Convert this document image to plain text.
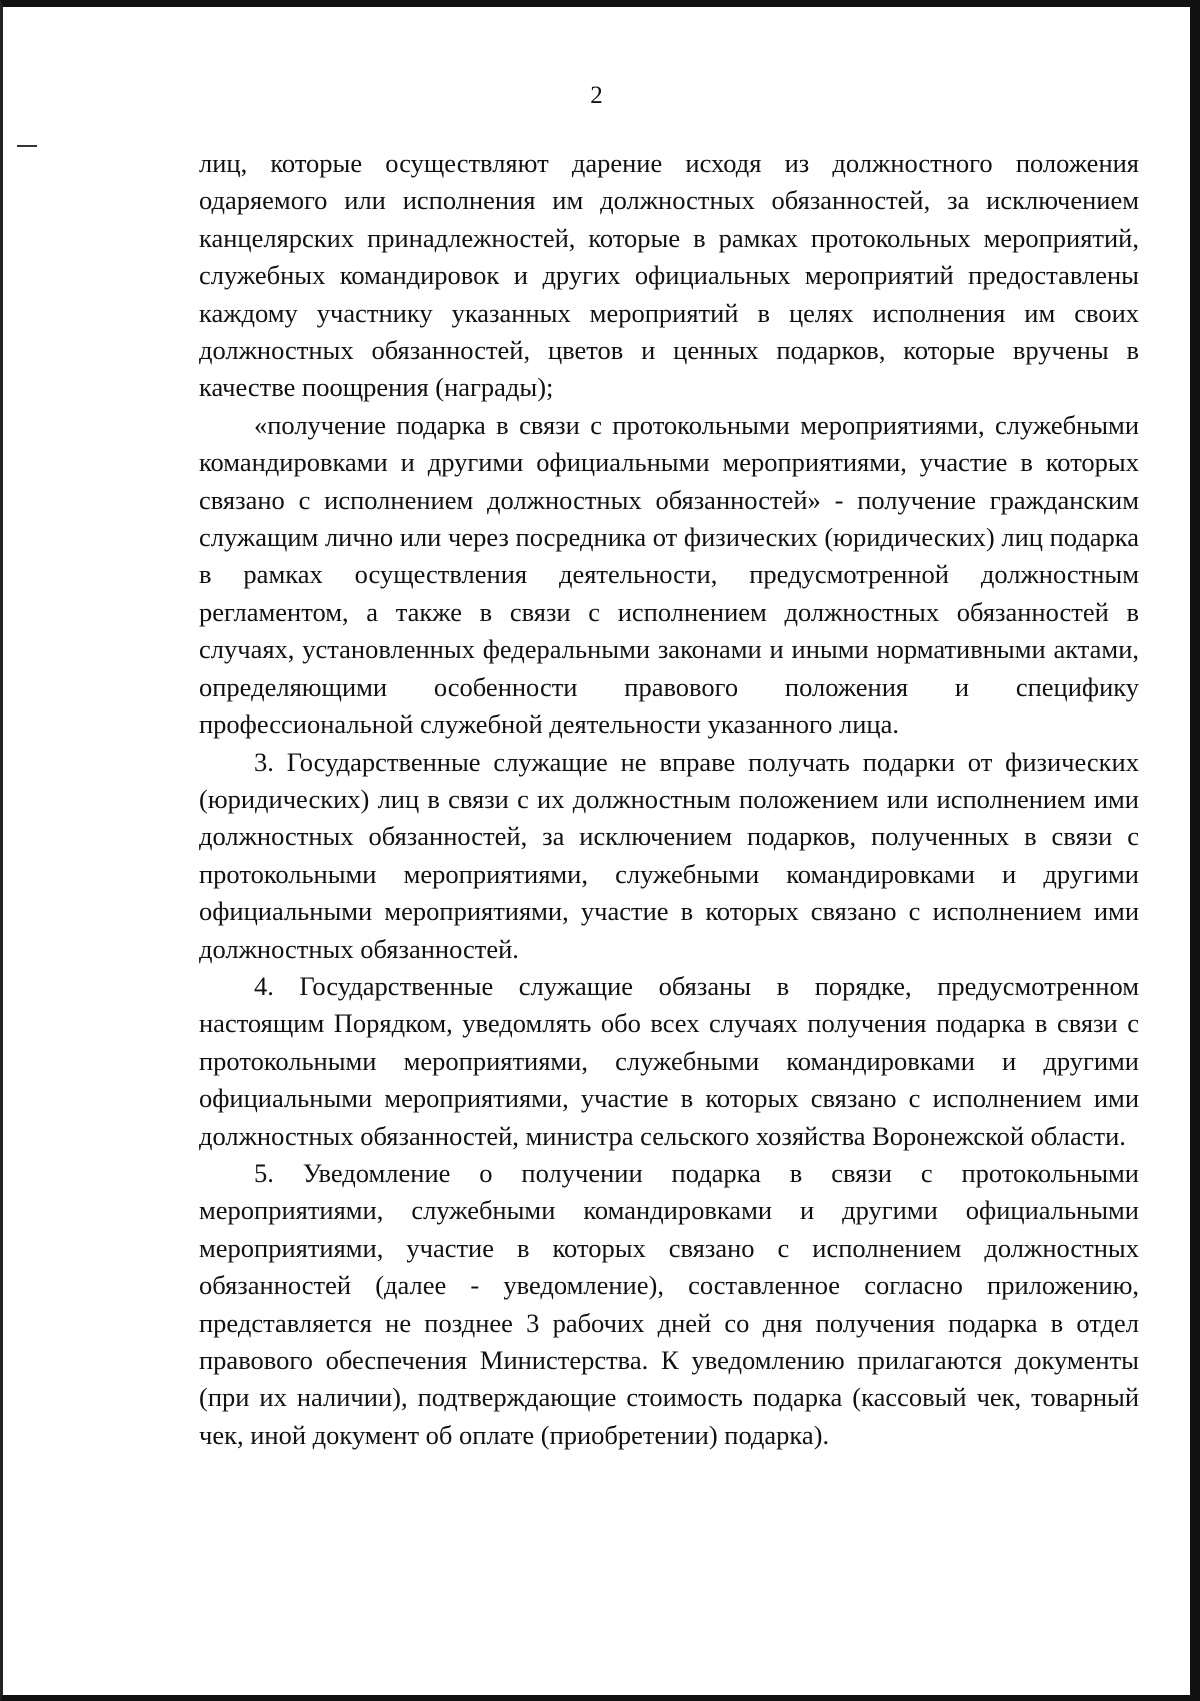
2

лиц, которые осуществляют дарение исходя из должностного положения одаряемого или исполнения им должностных обязанностей, за исключением канцелярских принадлежностей, которые в рамках протокольных мероприятий, служебных командировок и других официальных мероприятий предоставлены каждому участнику указанных мероприятий в целях исполнения им своих должностных обязанностей, цветов и ценных подарков, которые вручены в качестве поощрения (награды);

«получение подарка в связи с протокольными мероприятиями, служебными командировками и другими официальными мероприятиями, участие в которых связано с исполнением должностных обязанностей» - получение гражданским служащим лично или через посредника от физических (юридических) лиц подарка в рамках осуществления деятельности, предусмотренной должностным регламентом, а также в связи с исполнением должностных обязанностей в случаях, установленных федеральными законами и иными нормативными актами, определяющими особенности правового положения и специфику профессиональной служебной деятельности указанного лица.

3. Государственные служащие не вправе получать подарки от физических (юридических) лиц в связи с их должностным положением или исполнением ими должностных обязанностей, за исключением подарков, полученных в связи с протокольными мероприятиями, служебными командировками и другими официальными мероприятиями, участие в которых связано с исполнением ими должностных обязанностей.

4. Государственные служащие обязаны в порядке, предусмотренном настоящим Порядком, уведомлять обо всех случаях получения подарка в связи с протокольными мероприятиями, служебными командировками и другими официальными мероприятиями, участие в которых связано с исполнением ими должностных обязанностей, министра сельского хозяйства Воронежской области.

5. Уведомление о получении подарка в связи с протокольными мероприятиями, служебными командировками и другими официальными мероприятиями, участие в которых связано с исполнением должностных обязанностей (далее - уведомление), составленное согласно приложению, представляется не позднее 3 рабочих дней со дня получения подарка в отдел правового обеспечения Министерства. К уведомлению прилагаются документы (при их наличии), подтверждающие стоимость подарка (кассовый чек, товарный чек, иной документ об оплате (приобретении) подарка).
